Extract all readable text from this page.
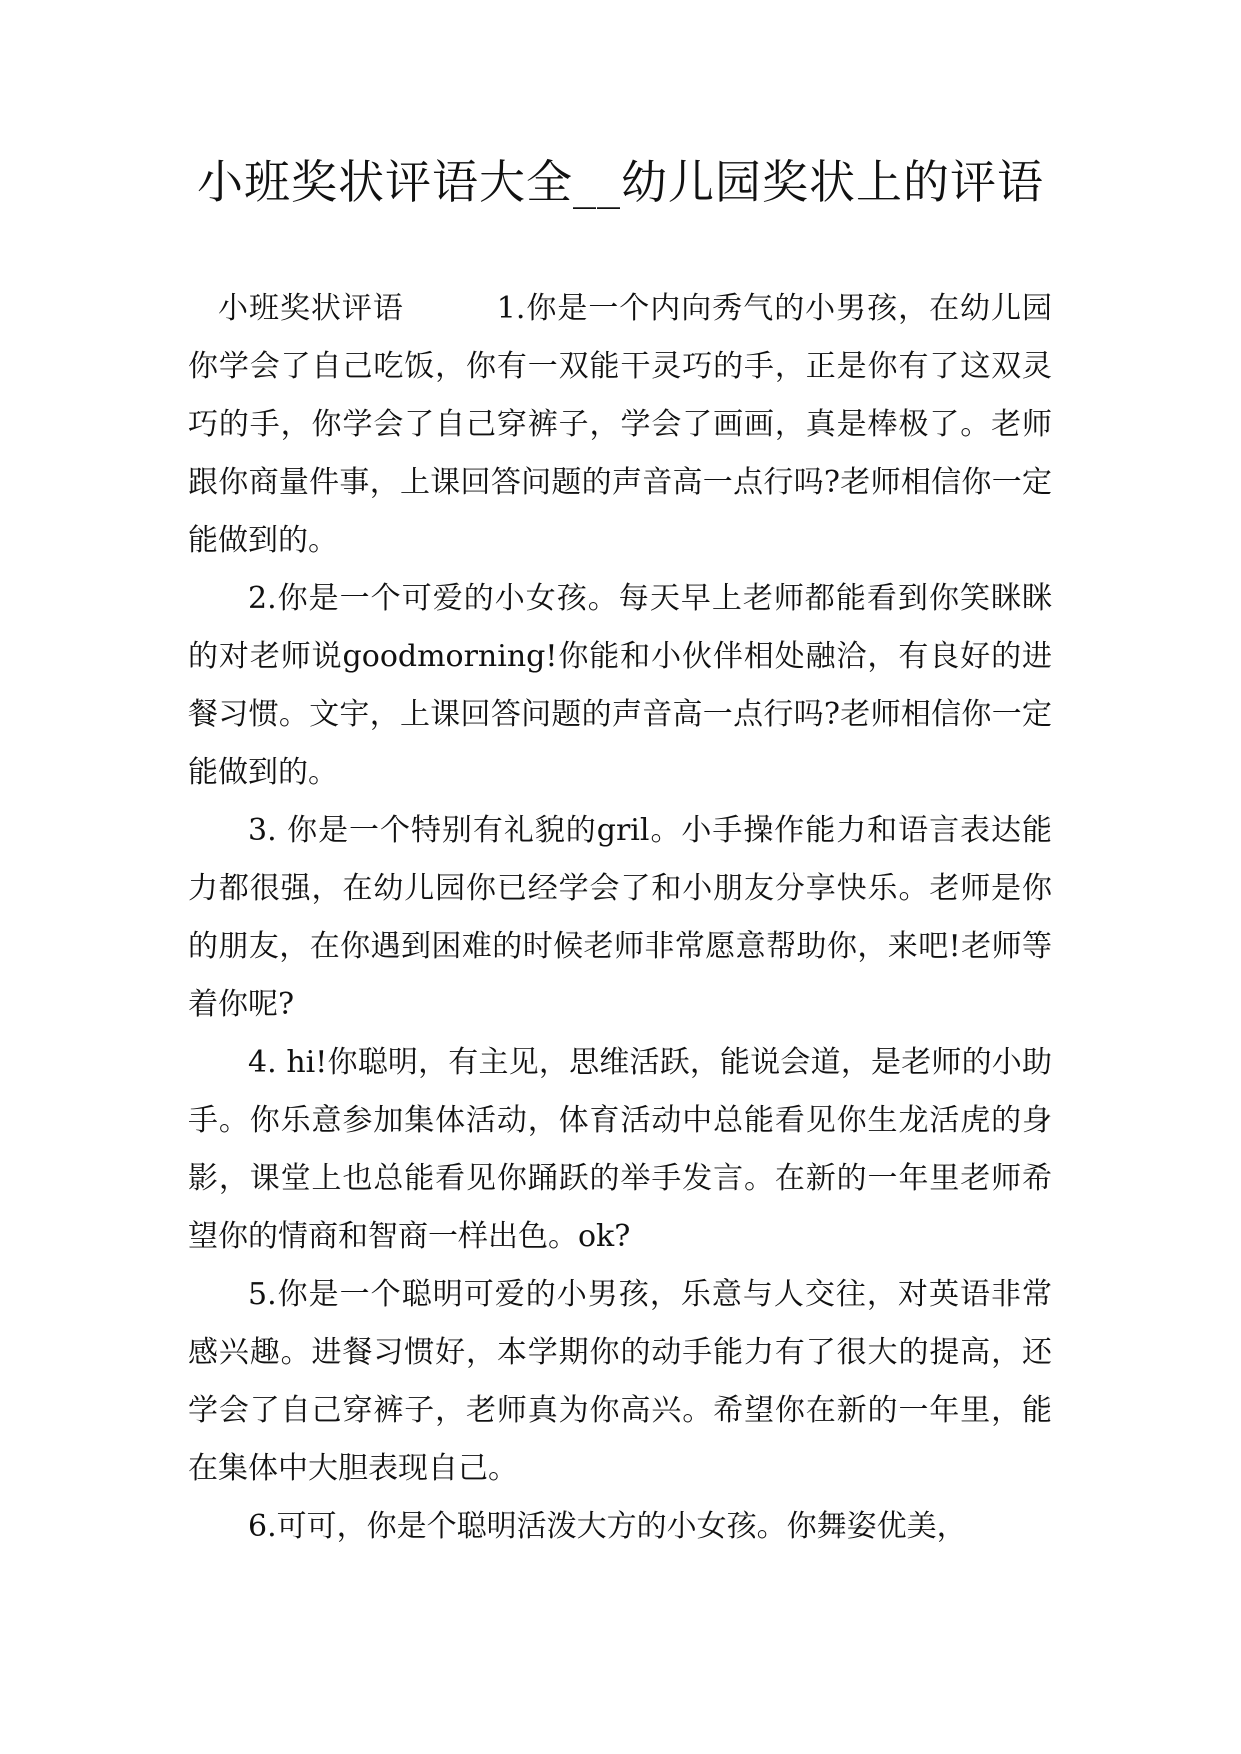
小班奖状评语大全__幼儿园奖状上的评语

小班奖状评语　　　1.你是一个内向秀气的小男孩，在幼儿园你学会了自己吃饭，你有一双能干灵巧的手，正是你有了这双灵巧的手，你学会了自己穿裤子，学会了画画，真是棒极了。老师跟你商量件事，上课回答问题的声音高一点行吗?老师相信你一定能做到的。

2.你是一个可爱的小女孩。每天早上老师都能看到你笑眯眯的对老师说goodmorning!你能和小伙伴相处融洽，有良好的进餐习惯。文宇，上课回答问题的声音高一点行吗?老师相信你一定能做到的。

3. 你是一个特别有礼貌的gril。小手操作能力和语言表达能力都很强，在幼儿园你已经学会了和小朋友分享快乐。老师是你的朋友，在你遇到困难的时候老师非常愿意帮助你，来吧!老师等着你呢?

4. hi!你聪明，有主见，思维活跃，能说会道，是老师的小助手。你乐意参加集体活动，体育活动中总能看见你生龙活虎的身影，课堂上也总能看见你踊跃的举手发言。在新的一年里老师希望你的情商和智商一样出色。ok?

5.你是一个聪明可爱的小男孩，乐意与人交往，对英语非常感兴趣。进餐习惯好，本学期你的动手能力有了很大的提高，还学会了自己穿裤子，老师真为你高兴。希望你在新的一年里，能在集体中大胆表现自己。

6.可可，你是个聪明活泼大方的小女孩。你舞姿优美，
